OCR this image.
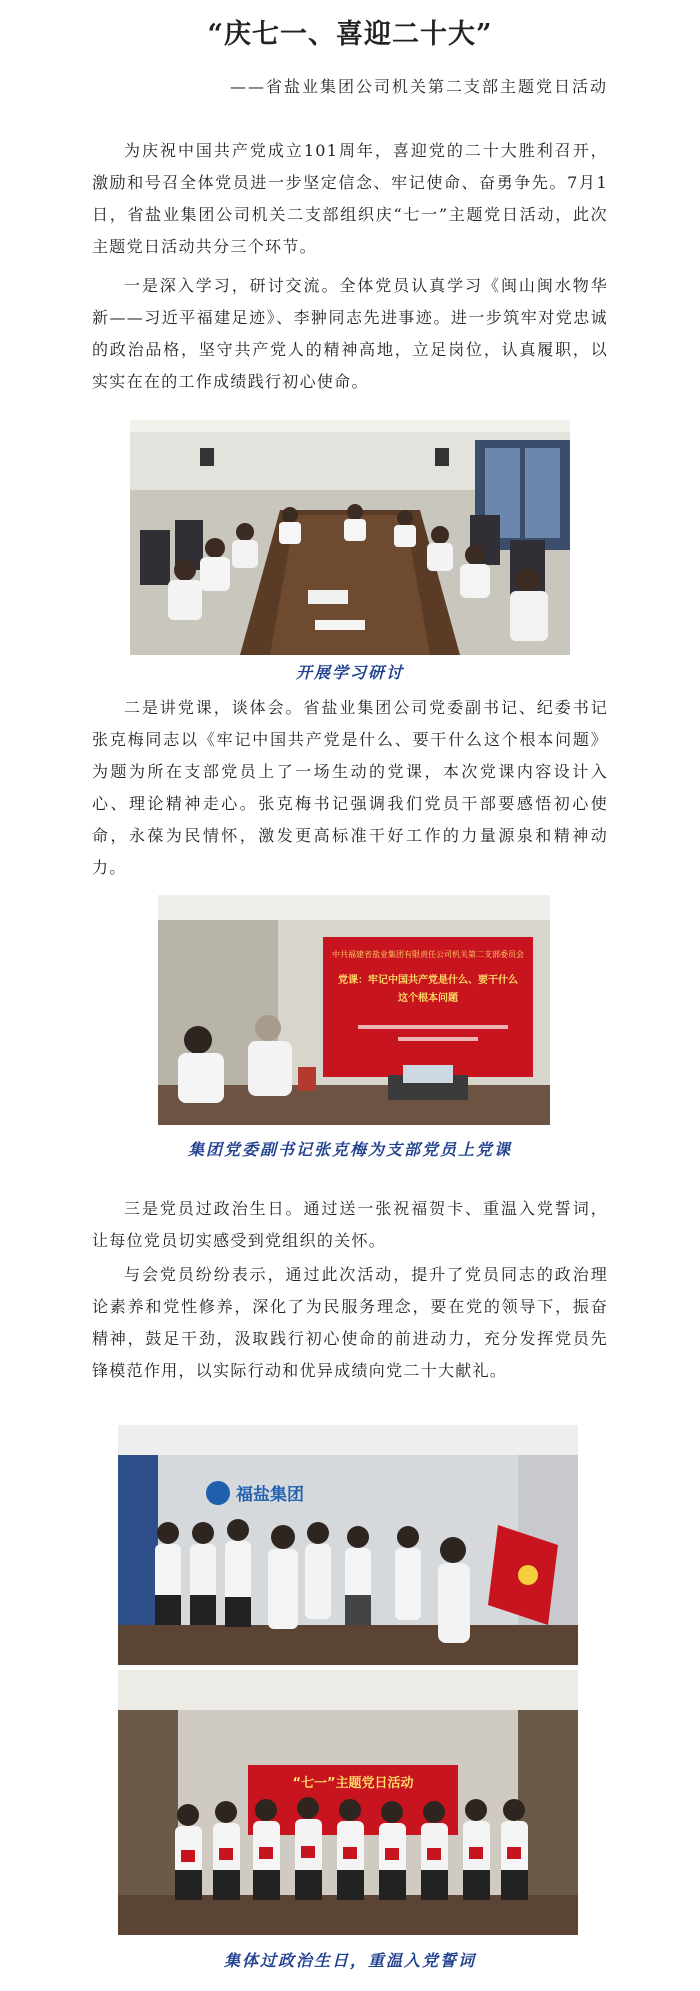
“庆七一、喜迎二十大”

——省盐业集团公司机关第二支部主题党日活动

为庆祝中国共产党成立101周年，喜迎党的二十大胜利召开，激励和号召全体党员进一步坚定信念、牢记使命、奋勇争先。7月1日，省盐业集团公司机关二支部组织庆“七一”主题党日活动，此次主题党日活动共分三个环节。

一是深入学习，研讨交流。全体党员认真学习《闽山闽水物华新——习近平福建足迹》、李翀同志先进事迹。进一步筑牢对党忠诚的政治品格，坚守共产党人的精神高地，立足岗位，认真履职，以实实在在的工作成绩践行初心使命。

开展学习研讨

二是讲党课，谈体会。省盐业集团公司党委副书记、纪委书记张克梅同志以《牢记中国共产党是什么、要干什么这个根本问题》为题为所在支部党员上了一场生动的党课，本次党课内容设计入心、理论精神走心。张克梅书记强调我们党员干部要感悟初心使命，永葆为民情怀，激发更高标准干好工作的力量源泉和精神动力。

中共福建省盐业集团有限责任公司机关第二支部委员会
党课：牢记中国共产党是什么、要干什么
这个根本问题

集团党委副书记张克梅为支部党员上党课

三是党员过政治生日。通过送一张祝福贺卡、重温入党誓词，让每位党员切实感受到党组织的关怀。

与会党员纷纷表示，通过此次活动，提升了党员同志的政治理论素养和党性修养，深化了为民服务理念，要在党的领导下，振奋精神，鼓足干劲，汲取践行初心使命的前进动力，充分发挥党员先锋模范作用，以实际行动和优异成绩向党二十大献礼。

福盐集团
“七一”主题党日活动

集体过政治生日，重温入党誓词
